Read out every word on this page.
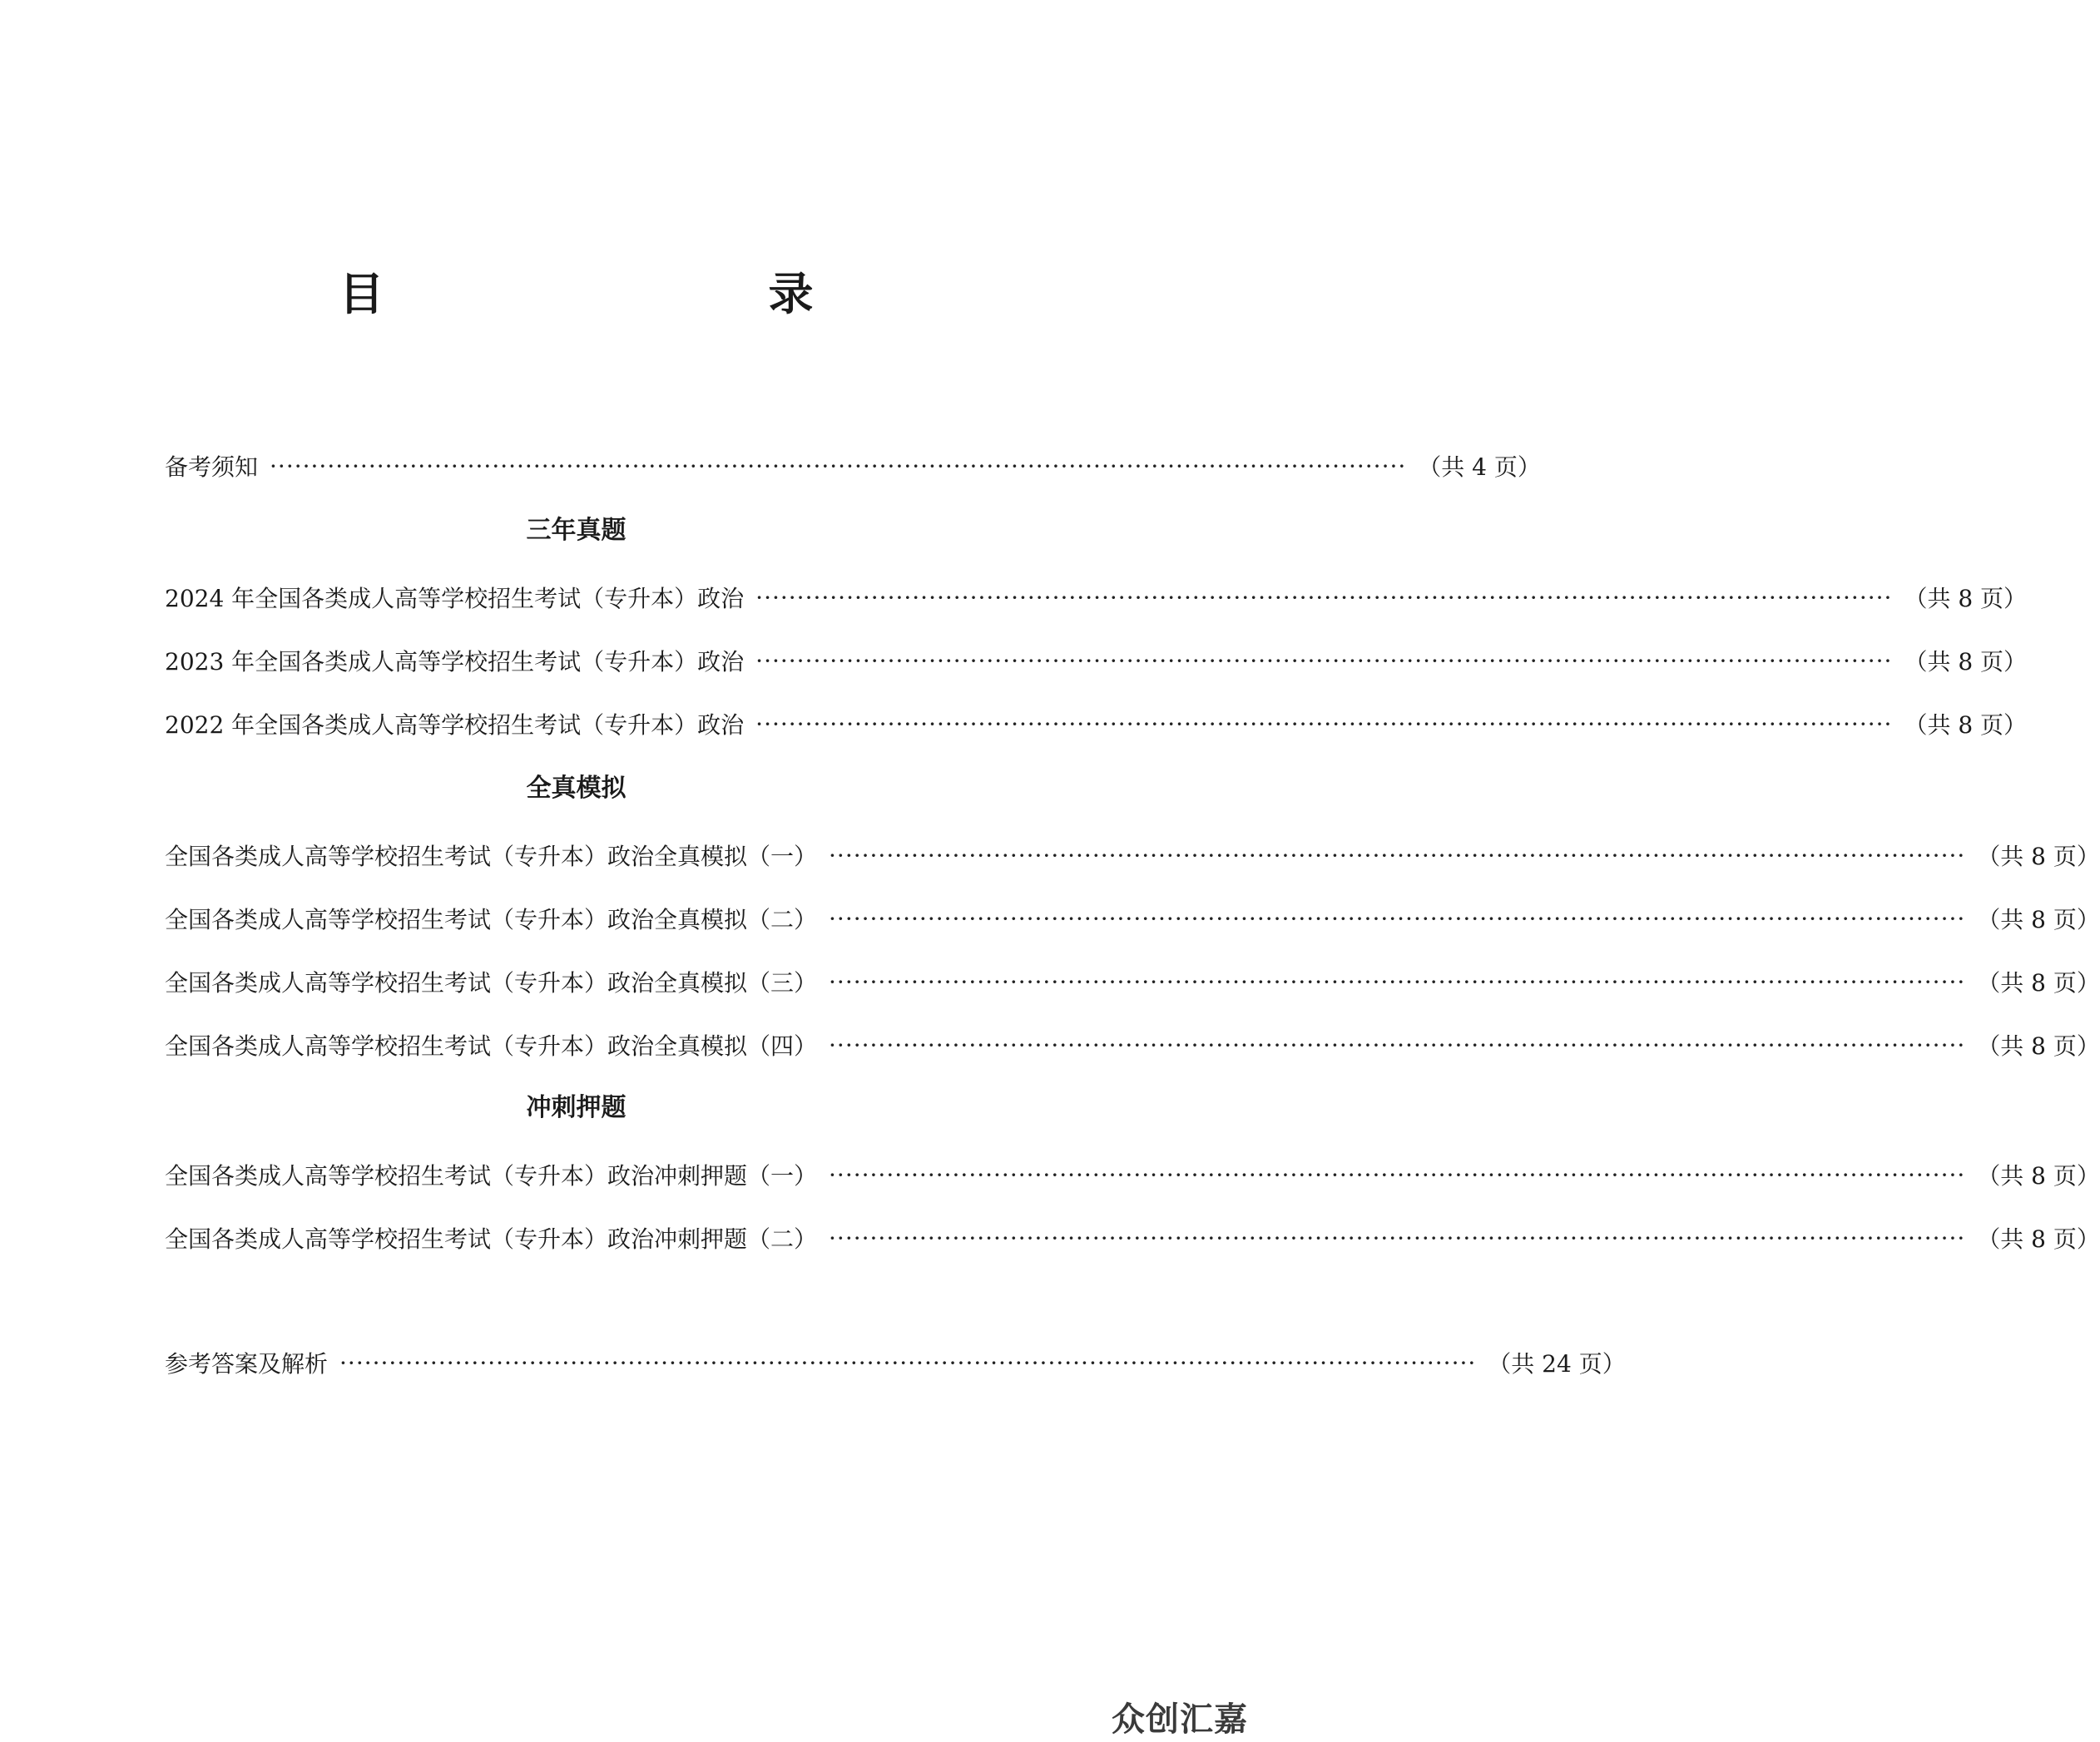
目　　录
备考须知 ·········································································································································· （共 4 页）
三年真题
2024 年全国各类成人高等学校招生考试（专升本）政治 ·········································································································································· （共 8 页）
2023 年全国各类成人高等学校招生考试（专升本）政治 ·········································································································································· （共 8 页）
2022 年全国各类成人高等学校招生考试（专升本）政治 ·········································································································································· （共 8 页）
全真模拟
全国各类成人高等学校招生考试（专升本）政治全真模拟（一） ·········································································································································· （共 8 页）
全国各类成人高等学校招生考试（专升本）政治全真模拟（二） ·········································································································································· （共 8 页）
全国各类成人高等学校招生考试（专升本）政治全真模拟（三） ·········································································································································· （共 8 页）
全国各类成人高等学校招生考试（专升本）政治全真模拟（四） ·········································································································································· （共 8 页）
冲刺押题
全国各类成人高等学校招生考试（专升本）政治冲刺押题（一） ·········································································································································· （共 8 页）
全国各类成人高等学校招生考试（专升本）政治冲刺押题（二） ·········································································································································· （共 8 页）
参考答案及解析 ·········································································································································· （共 24 页）
众创汇嘉
